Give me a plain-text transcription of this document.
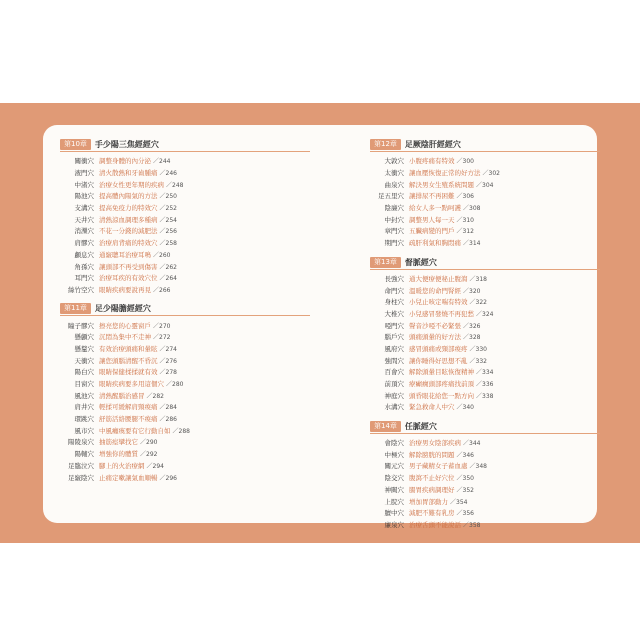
第10章	手少陽三焦經經穴
關衝穴 調整身體的內分泌 ／244
液門穴 清火散熱和牙齒腫痛 ／246
中渚穴 治療女性更年期的疾病 ／248
陽池穴 提高體內陽氣的方法 ／250
支溝穴 提高免疫力的特效穴 ／252
天井穴 清熱涼血調理多種病 ／254
消濼穴 不花一分錢的減肥法 ／256
肩髎穴 治療肩背痛的特效穴 ／258
顱息穴 通竅聰耳治療耳鳴 ／260
角孫穴 讓頭部不再受到傷害 ／262
耳門穴 治療耳疾的有效穴位 ／264
絲竹空穴 眼睛疾病要說再見 ／266
第11章	足少陽膽經經穴
瞳子髎穴 擦亮您的心靈窗戶 ／270
懸顱穴 沉悶為集中不走神 ／272
懸釐穴 有效治療頭痛和暈眩 ／274
天衝穴 讓您頭腦清醒不昏沉 ／276
陽白穴 眼睛保健揉揉就有效 ／278
目窗穴 眼睛疾病要多用這個穴 ／280
風池穴 清熱醒腦治感冒 ／282
肩井穴 輕揉可緩解肩頸痠痛 ／284
環跳穴 舒筋活絡腰腿不痠痛 ／286
風市穴 中風癱瘓要有它行動自如 ／288
陽陵泉穴 抽筋痙攣找它 ／290
陽輔穴 增強你的體質 ／292
足臨泣穴 腳上的火治療網 ／294
足竅陰穴 止痛定嗽讓氣血順暢 ／296
第12章	足厥陰肝經經穴
大敦穴 小腹疼痛有特效 ／300
太衝穴 讓血壓恢復正常的好方法 ／302
曲泉穴 解決男女生殖系統問題 ／304
足五里穴 讓排尿不再困難 ／306
陰廉穴 給女人多一點呵護 ／308
中封穴 調整男人每一天 ／310
章門穴 五臟病變的門戶 ／312
期門穴 疏肝利氣和胸悶痛 ／314
第13章	督脈經穴
長強穴 通大便療便秘止腹瀉 ／318
命門穴 溫暖您的命門腎經 ／320
身柱穴 小兒止咳定喘有特效 ／322
大椎穴 小兒感冒發燒不再犯愁 ／324
啞門穴 聲音沙啞不必緊張 ／326
腦戶穴 頭痛頭暈的好方法 ／328
風府穴 感冒頭痛或頸部痠疼 ／330
強間穴 讓你睡得好思想不亂 ／332
百會穴 解除頭暈目眩恢復精神 ／334
前頂穴 療癲癇頭部疼痛找前頂 ／336
神庭穴 頭昏眼花給您一點方向 ／338
水溝穴 緊急救命人中穴 ／340
第14章	任脈經穴
會陰穴 治療男女陰部疾病 ／344
中極穴 解除膀胱的問題 ／346
關元穴 男子藏精女子蓄血處 ／348
陰交穴 腹瀉不止好穴位 ／350
神闕穴 腸胃疾病調理好 ／352
上脘穴 增加胃部動力 ／354
膻中穴 減肥不難有乳房 ／356
廉泉穴 治療舌頭不能說話 ／358
